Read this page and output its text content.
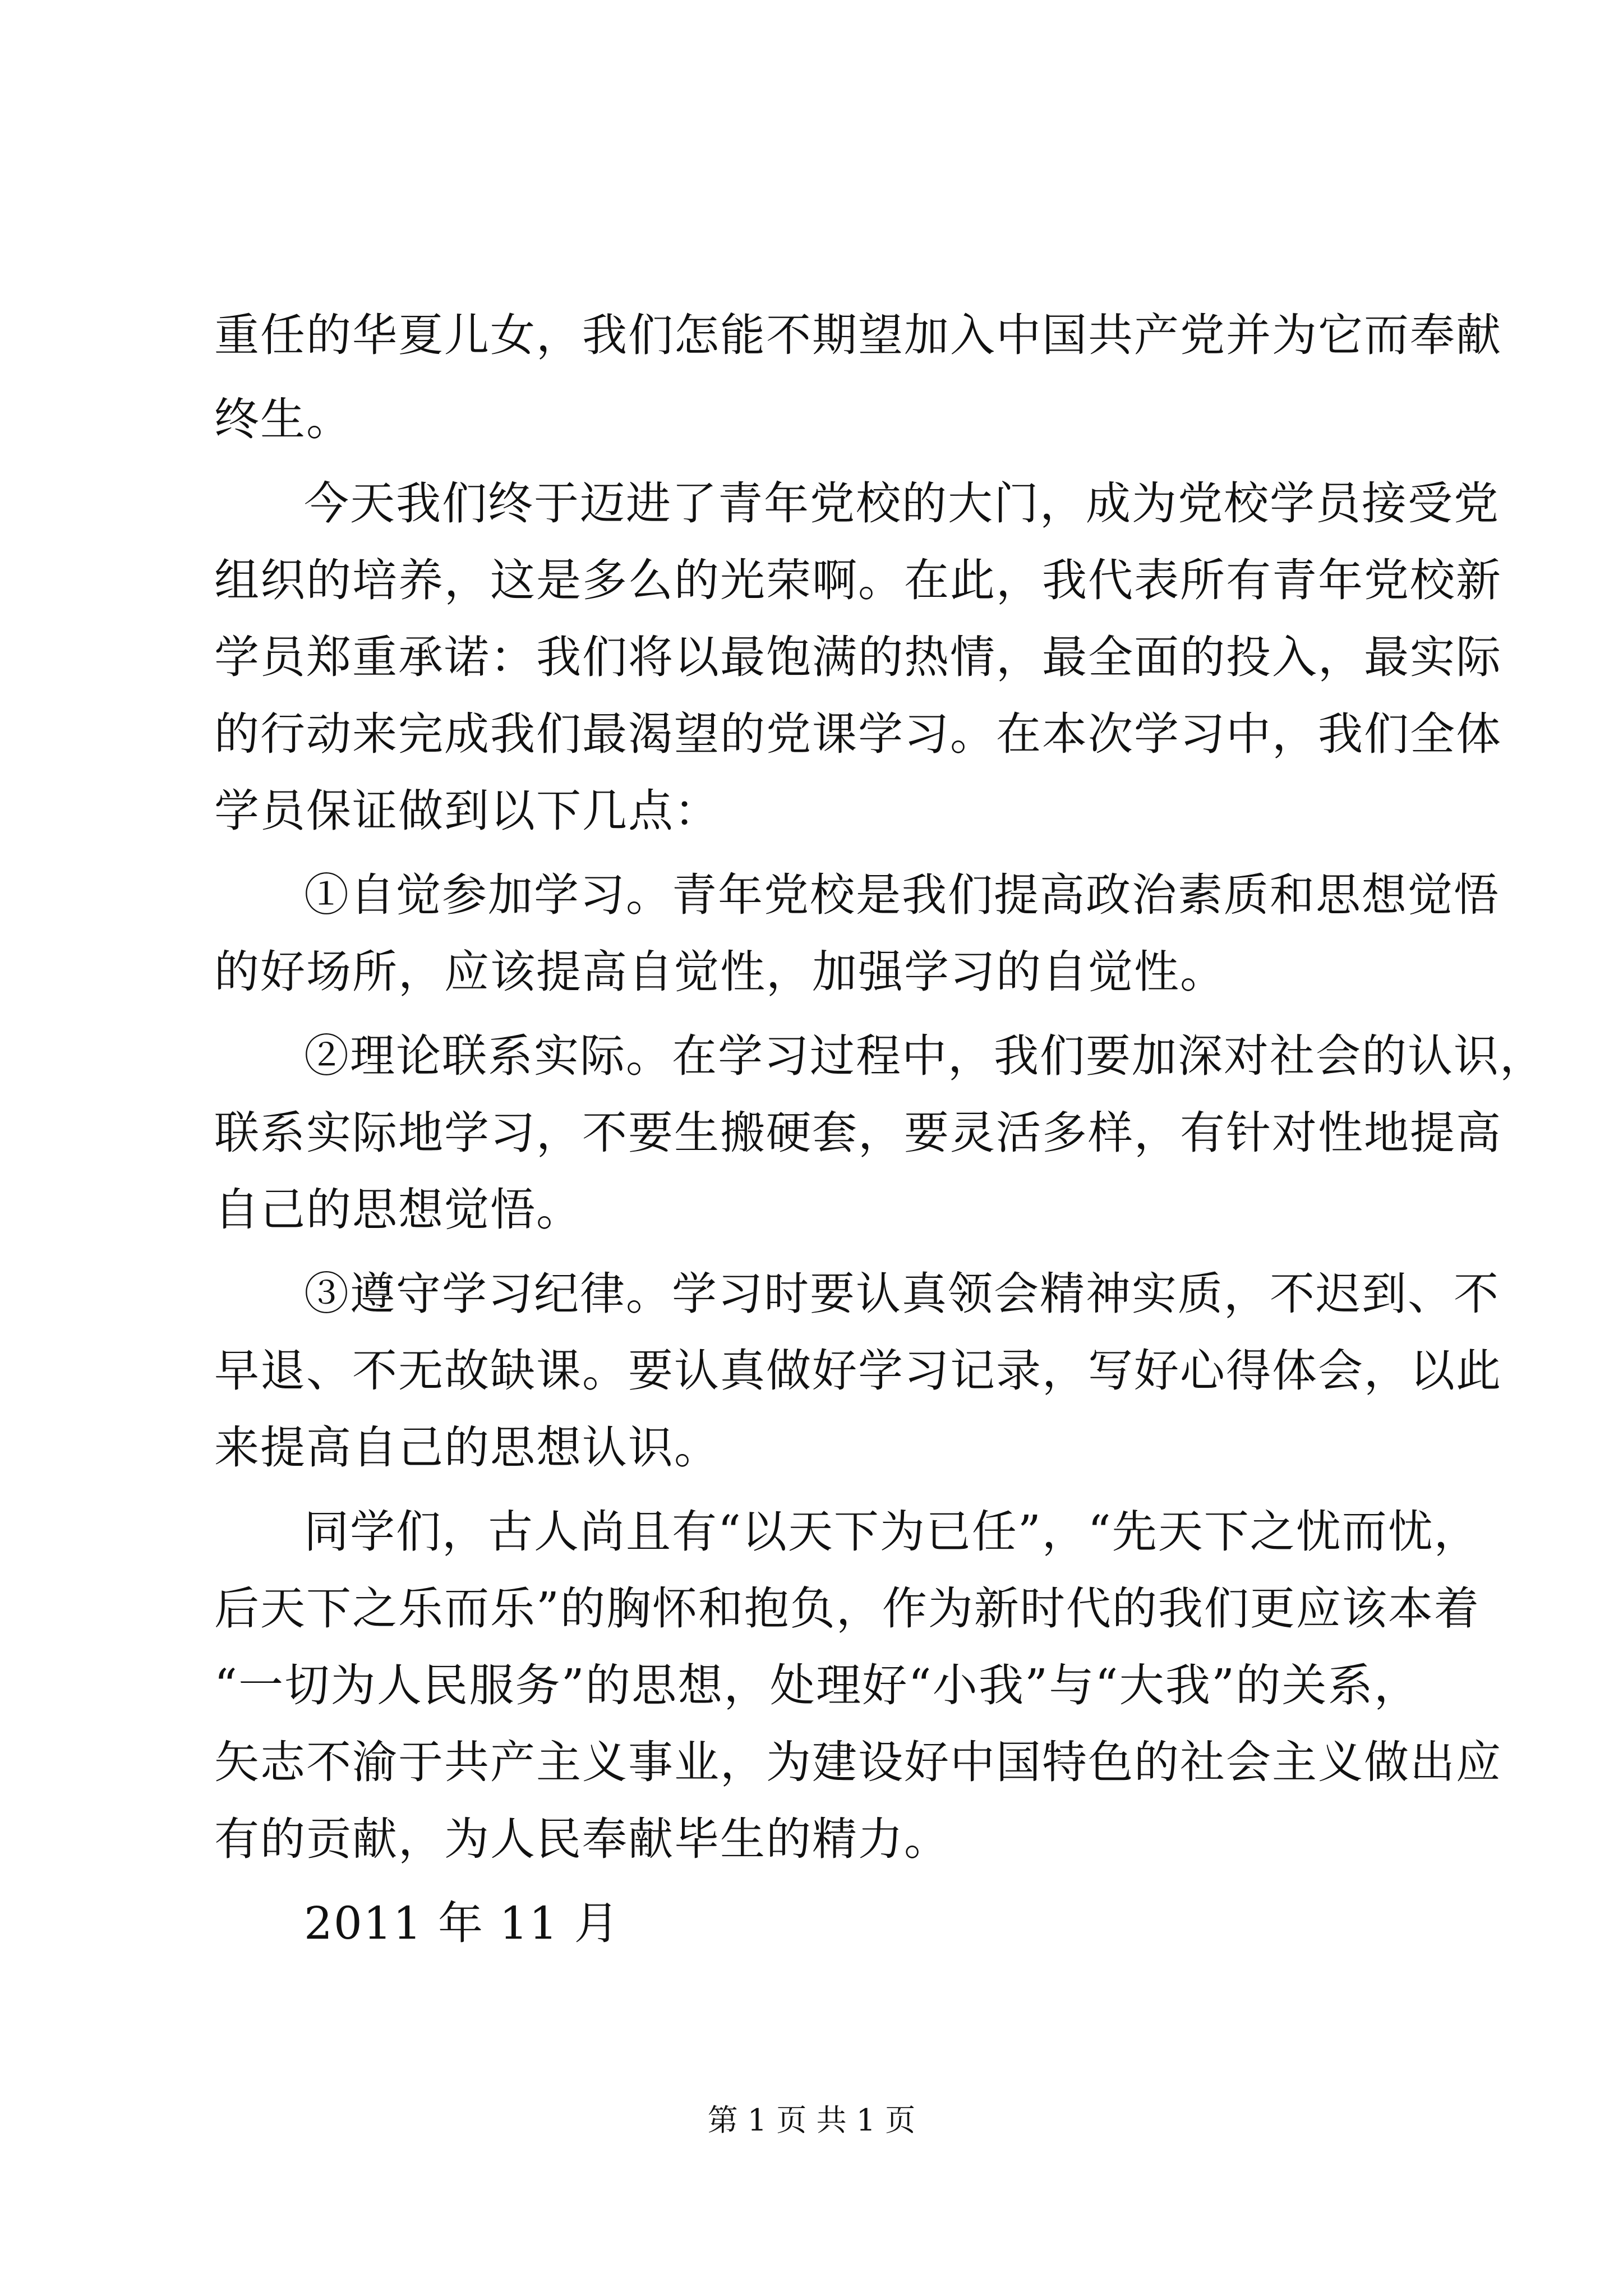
重任的华夏儿女，我们怎能不期望加入中国共产党并为它而奉献
终生。
今天我们终于迈进了青年党校的大门，成为党校学员接受党
组织的培养，这是多么的光荣啊。在此，我代表所有青年党校新
学员郑重承诺：我们将以最饱满的热情，最全面的投入，最实际
的行动来完成我们最渴望的党课学习。在本次学习中，我们全体
学员保证做到以下几点：
①自觉参加学习。青年党校是我们提高政治素质和思想觉悟
的好场所，应该提高自觉性，加强学习的自觉性。
②理论联系实际。在学习过程中，我们要加深对社会的认识，
联系实际地学习，不要生搬硬套，要灵活多样，有针对性地提高
自己的思想觉悟。
③遵守学习纪律。学习时要认真领会精神实质，不迟到、不
早退、不无故缺课。要认真做好学习记录，写好心得体会，以此
来提高自己的思想认识。
同学们，古人尚且有“以天下为已任”，“先天下之忧而忧，
后天下之乐而乐”的胸怀和抱负，作为新时代的我们更应该本着
“一切为人民服务”的思想，处理好“小我”与“大我”的关系，
矢志不渝于共产主义事业，为建设好中国特色的社会主义做出应
有的贡献，为人民奉献毕生的精力。
2011 年 11 月
第 1 页 共 1 页
